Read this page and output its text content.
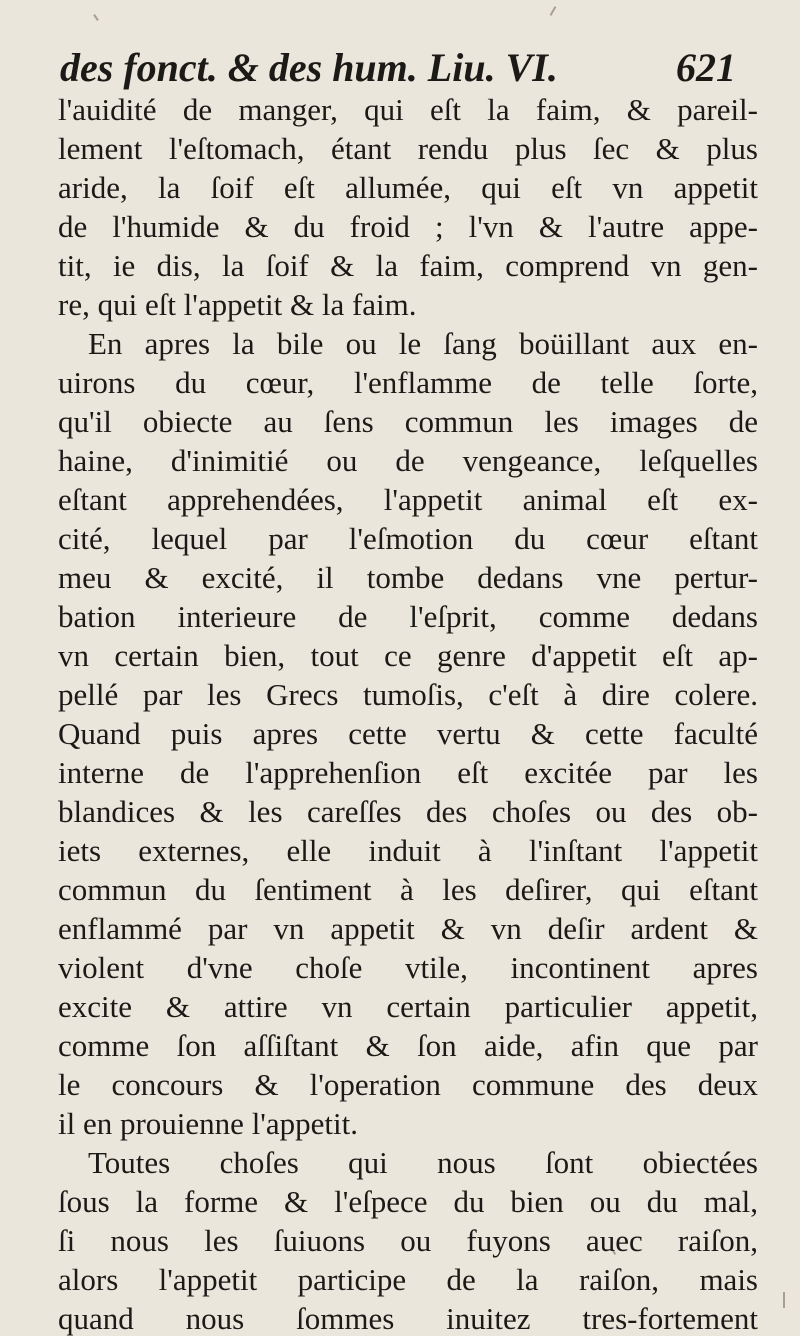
des fonct. & des hum. Liu. VI.	621
l'auidité de manger, qui eſt la faim, & pareil-
lement l'eſtomach, étant rendu plus ſec & plus
aride, la ſoif eſt allumée, qui eſt vn appetit
de l'humide & du froid ; l'vn & l'autre appe-
tit, ie dis, la ſoif & la faim, comprend vn gen-
re, qui eſt l'appetit & la faim.
En apres la bile ou le ſang boüillant aux en-
uirons du cœur, l'enflamme de telle ſorte,
qu'il obiecte au ſens commun les images de
haine, d'inimitié ou de vengeance, leſquelles
eſtant apprehendées, l'appetit animal eſt ex-
cité, lequel par l'eſmotion du cœur eſtant
meu & excité, il tombe dedans vne pertur-
bation interieure de l'eſprit, comme dedans
vn certain bien, tout ce genre d'appetit eſt ap-
pellé par les Grecs tumoſis, c'eſt à dire colere.
Quand puis apres cette vertu & cette faculté
interne de l'apprehenſion eſt excitée par les
blandices & les careſſes des choſes ou des ob-
iets externes, elle induit à l'inſtant l'appetit
commun du ſentiment à les deſirer, qui eſtant
enflammé par vn appetit & vn deſir ardent &
violent d'vne choſe vtile, incontinent apres
excite & attire vn certain particulier appetit,
comme ſon aſſiſtant & ſon aide, afin que par
le concours & l'operation commune des deux
il en prouienne l'appetit.
Toutes choſes qui nous ſont obiectées
ſous la forme & l'eſpece du bien ou du mal,
ſi nous les ſuiuons ou fuyons auec raiſon,
alors l'appetit participe de la raiſon, mais
quand nous ſommes inuitez tres-fortement
